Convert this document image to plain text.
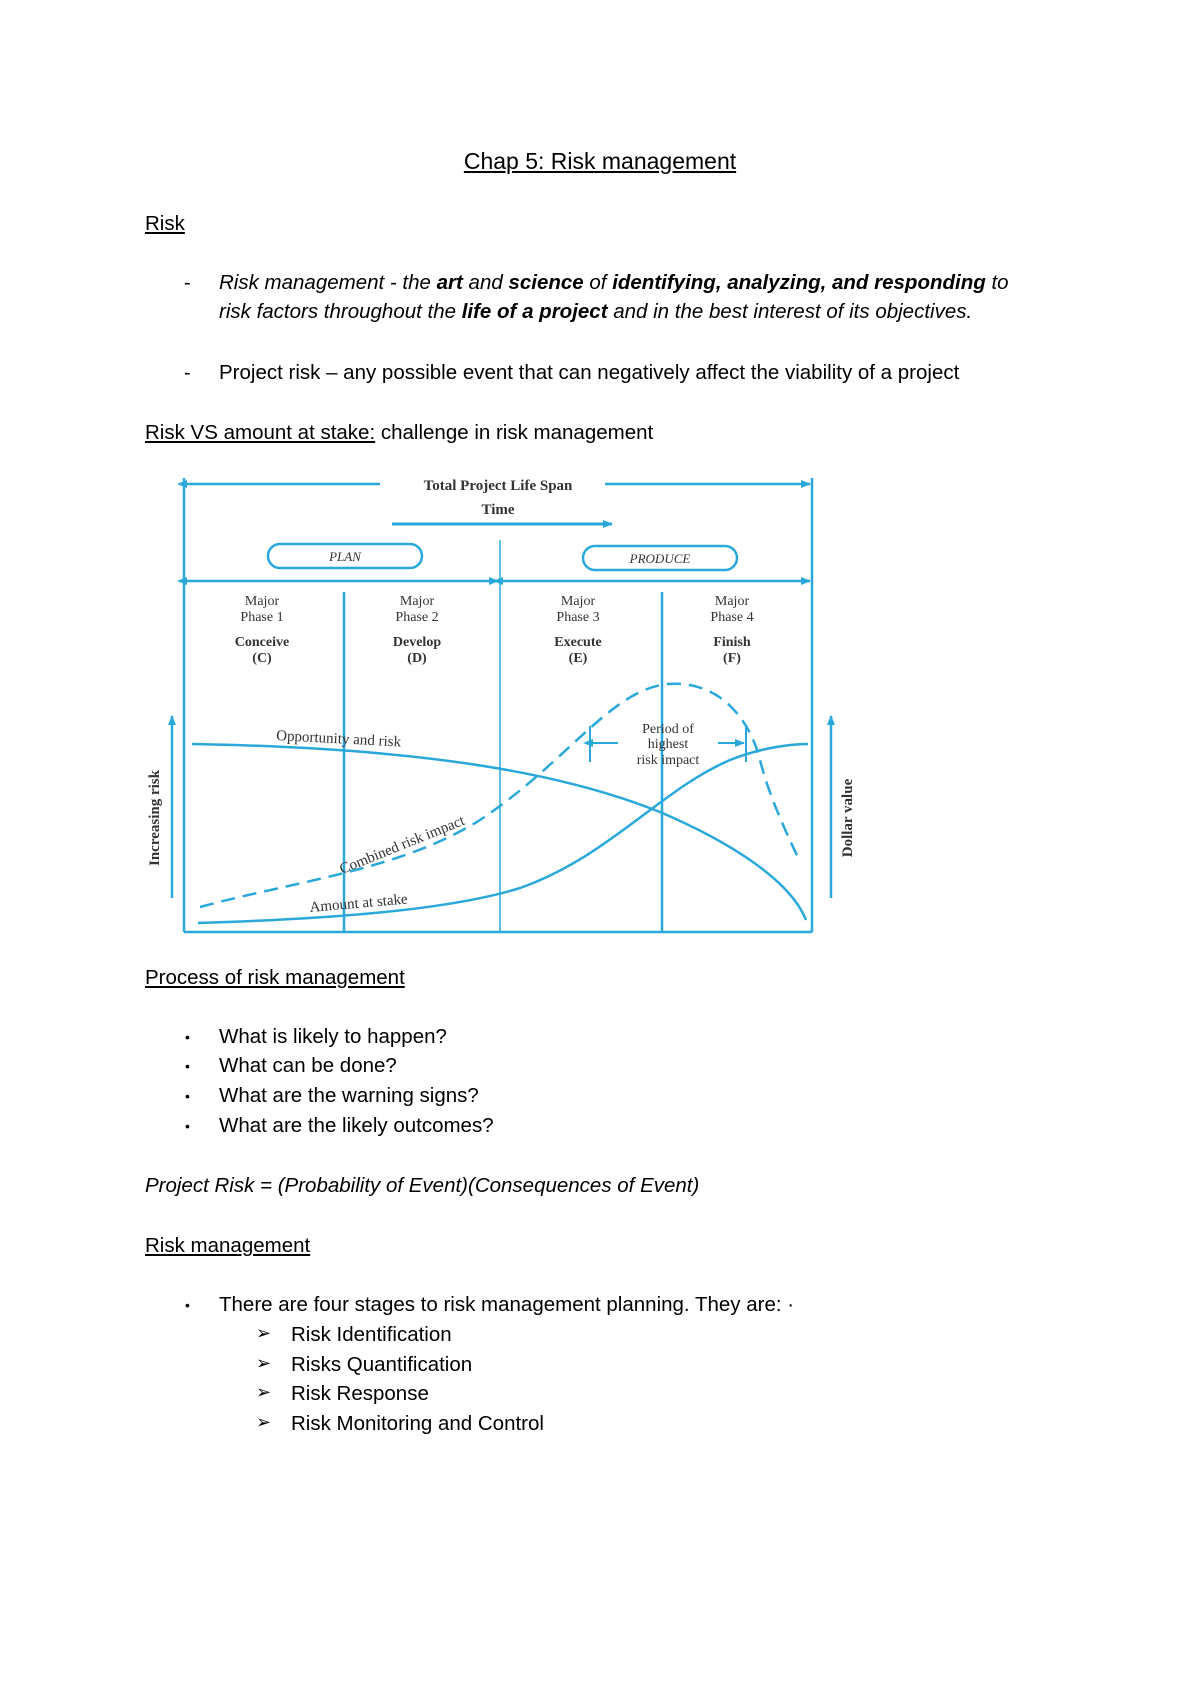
Chap 5: Risk management
Risk
- Risk management - the art and science of identifying, analyzing, and responding to
risk factors throughout the life of a project and in the best interest of its objectives.
- Project risk – any possible event that can negatively affect the viability of a project
Risk VS amount at stake: challenge in risk management
Total Project Life Span
Time
PLAN	PRODUCE
Major
Phase 1
Conceive
(C)
Major
Phase 2
Develop
(D)
Major
Phase 3
Execute
(E)
Major
Phase 4
Finish
(F)
Opportunity and risk
Combined risk impact
Amount at stake
Period of
highest
risk impact
Increasing risk	Dollar value
Process of risk management
• What is likely to happen?
• What can be done?
• What are the warning signs?
• What are the likely outcomes?
Project Risk = (Probability of Event)(Consequences of Event)
Risk management
• There are four stages to risk management planning. They are: ·
➢ Risk Identification
➢ Risks Quantification
➢ Risk Response
➢ Risk Monitoring and Control
